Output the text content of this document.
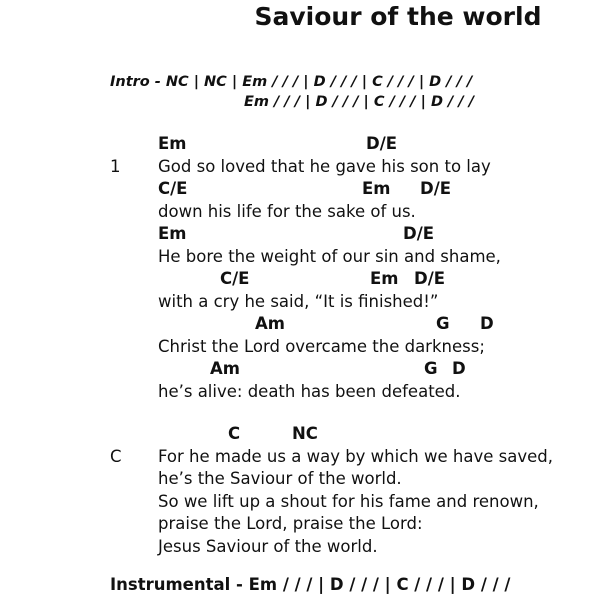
Saviour of the world
Intro - NC | NC | Em / / / | D / / / | C / / / | D / / /
Em / / / | D / / / | C / / / | D / / /
Em	D/E
1 God so loved that he gave his son to lay
C/E	Em D/E
down his life for the sake of us.
Em	D/E
He bore the weight of our sin and shame,
C/E	Em D/E
with a cry he said, “It is finished!”
Am	G D
Christ the Lord overcame the darkness;
Am	G D
he’s alive: death has been defeated.
C	NC
C For he made us a way by which we have saved,
he’s the Saviour of the world.
So we lift up a shout for his fame and renown,
praise the Lord, praise the Lord:
Jesus Saviour of the world.
Instrumental - Em / / / | D / / / | C / / / | D / / /
